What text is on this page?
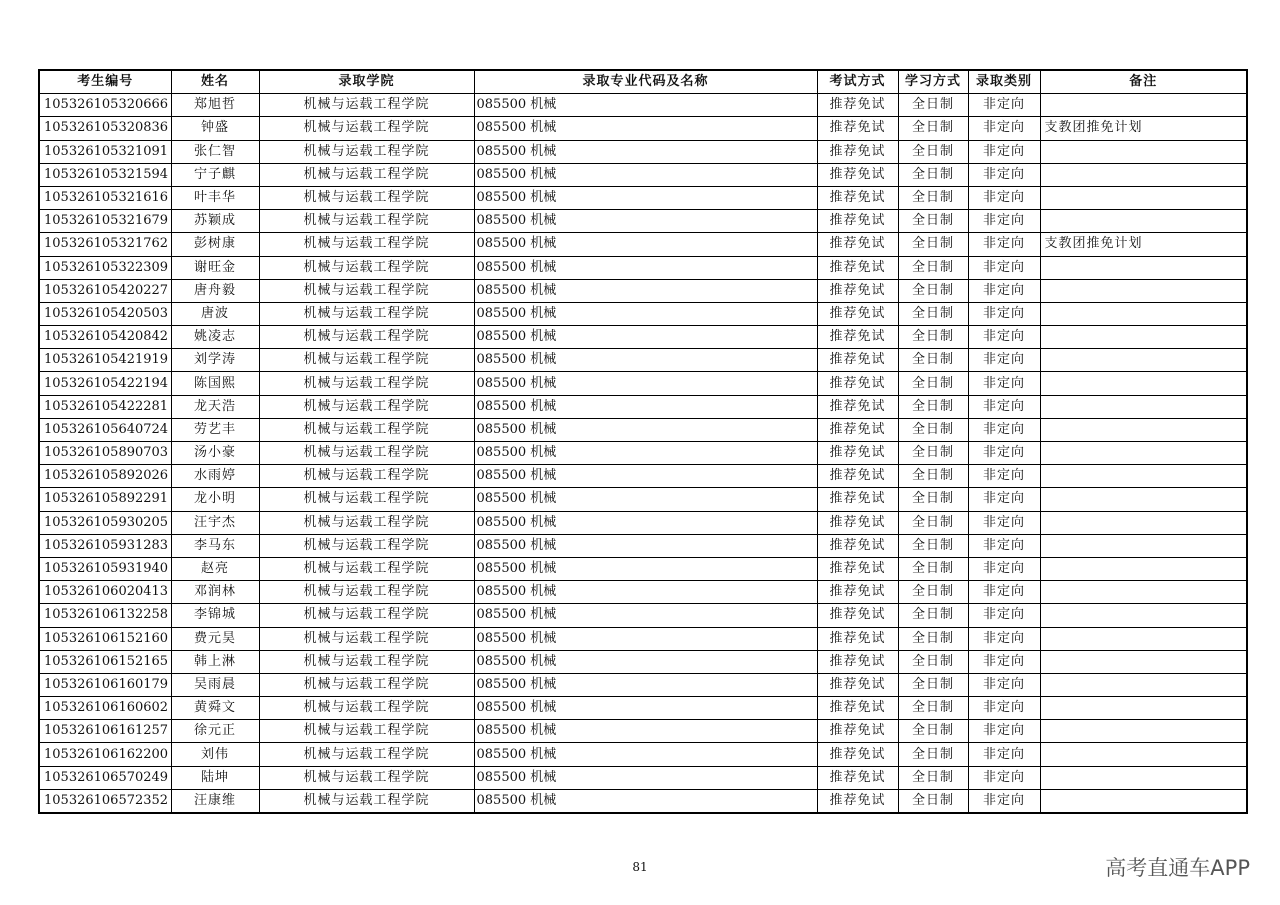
考生编号	姓名	录取学院	录取专业代码及名称	考试方式	学习方式	录取类别	备注
105326105320666	郑旭哲	机械与运载工程学院	085500 机械	推荐免试	全日制	非定向	
105326105320836	钟盛	机械与运载工程学院	085500 机械	推荐免试	全日制	非定向	支教团推免计划
105326105321091	张仁智	机械与运载工程学院	085500 机械	推荐免试	全日制	非定向	
105326105321594	宁子麒	机械与运载工程学院	085500 机械	推荐免试	全日制	非定向	
105326105321616	叶丰华	机械与运载工程学院	085500 机械	推荐免试	全日制	非定向	
105326105321679	苏颖成	机械与运载工程学院	085500 机械	推荐免试	全日制	非定向	
105326105321762	彭树康	机械与运载工程学院	085500 机械	推荐免试	全日制	非定向	支教团推免计划
105326105322309	谢旺金	机械与运载工程学院	085500 机械	推荐免试	全日制	非定向	
105326105420227	唐舟毅	机械与运载工程学院	085500 机械	推荐免试	全日制	非定向	
105326105420503	唐波	机械与运载工程学院	085500 机械	推荐免试	全日制	非定向	
105326105420842	姚凌志	机械与运载工程学院	085500 机械	推荐免试	全日制	非定向	
105326105421919	刘学涛	机械与运载工程学院	085500 机械	推荐免试	全日制	非定向	
105326105422194	陈国熙	机械与运载工程学院	085500 机械	推荐免试	全日制	非定向	
105326105422281	龙天浩	机械与运载工程学院	085500 机械	推荐免试	全日制	非定向	
105326105640724	劳艺丰	机械与运载工程学院	085500 机械	推荐免试	全日制	非定向	
105326105890703	汤小豪	机械与运载工程学院	085500 机械	推荐免试	全日制	非定向	
105326105892026	水雨婷	机械与运载工程学院	085500 机械	推荐免试	全日制	非定向	
105326105892291	龙小明	机械与运载工程学院	085500 机械	推荐免试	全日制	非定向	
105326105930205	汪宇杰	机械与运载工程学院	085500 机械	推荐免试	全日制	非定向	
105326105931283	李马东	机械与运载工程学院	085500 机械	推荐免试	全日制	非定向	
105326105931940	赵亮	机械与运载工程学院	085500 机械	推荐免试	全日制	非定向	
105326106020413	邓润林	机械与运载工程学院	085500 机械	推荐免试	全日制	非定向	
105326106132258	李锦城	机械与运载工程学院	085500 机械	推荐免试	全日制	非定向	
105326106152160	费元昊	机械与运载工程学院	085500 机械	推荐免试	全日制	非定向	
105326106152165	韩上淋	机械与运载工程学院	085500 机械	推荐免试	全日制	非定向	
105326106160179	吴雨晨	机械与运载工程学院	085500 机械	推荐免试	全日制	非定向	
105326106160602	黄舜文	机械与运载工程学院	085500 机械	推荐免试	全日制	非定向	
105326106161257	徐元正	机械与运载工程学院	085500 机械	推荐免试	全日制	非定向	
105326106162200	刘伟	机械与运载工程学院	085500 机械	推荐免试	全日制	非定向	
105326106570249	陆坤	机械与运载工程学院	085500 机械	推荐免试	全日制	非定向	
105326106572352	汪康维	机械与运载工程学院	085500 机械	推荐免试	全日制	非定向	
81	高考直通车APP
